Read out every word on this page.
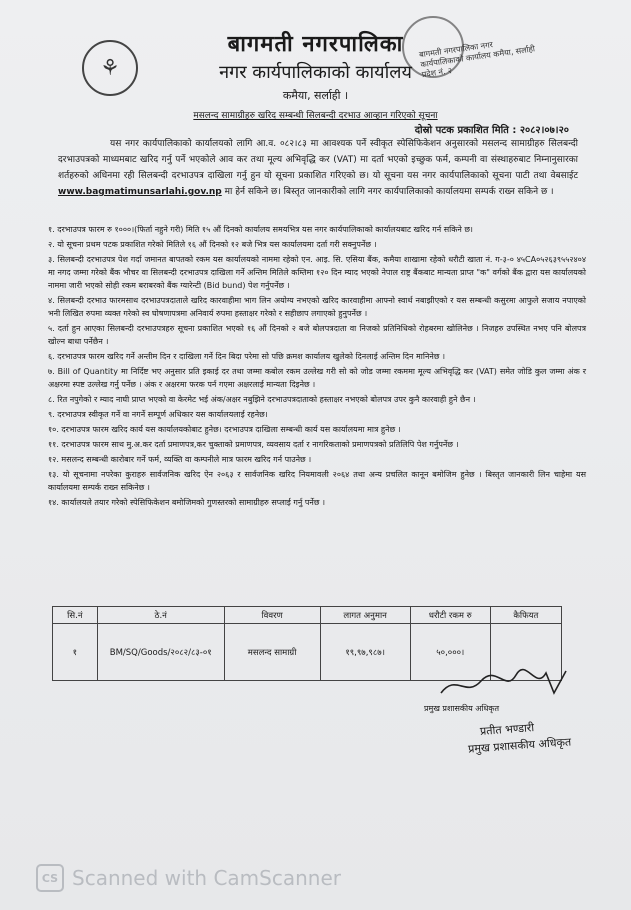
⚘
बागमती नगरपालिका नगर कार्यपालिकाको कार्यालय कमैया, सर्लाही प्रदेश नं. २
बागमती नगरपालिका
नगर कार्यपालिकाको कार्यालय
कमैया, सर्लाही ।
मसलन्द सामाग्रीहरु खरिद सम्बन्धी सिलबन्दी दरभाउ आव्हान गरिएको सूचना
दोस्रो पटक प्रकाशित मिति : २०८२।०७।२०
यस नगर कार्यपालिकाको कार्यालयको लागि आ.व. ०८२।८३ मा आवश्यक पर्ने स्वीकृत स्पेसिफिकेशन अनुसारको मसलन्द सामाग्रीहरु सिलबन्दी दरभाउपत्रको माध्यमबाट खरिद गर्नु पर्ने भएकोले आव कर तथा मूल्य अभिवृद्धि कर (VAT) मा दर्ता भएको इच्छुक फर्म, कम्पनी वा संस्थाहरुबाट निम्नानुसारका शर्तहरुको अधिनमा रही सिलबन्दी दरभाउपत्र दाखिला गर्नु हुन यो सूचना प्रकाशित गरिएको छ। यो सूचना यस नगर कार्यपालिकाको सूचना पाटी तथा वेबसाईट www.bagmatimunsarlahi.gov.np मा हेर्न सकिने छ। बिस्तृत जानकारीको लागि नगर कार्यपालिकाको कार्यालयमा सम्पर्क राख्न सकिने छ ।
१. दरभाउपत्र फारम रु १०००।(फिर्ता नहुने गरी) मिति १५ औं दिनको कार्यालय समयभित्र यस नगर कार्यपालिकाको कार्यालयबाट खरिद गर्न सकिने छ।
२. यो सूचना प्रथम पटक प्रकाशित गरेको मितिले १६ औं दिनको १२ बजे भित्र यस कार्यालयमा दर्ता गरी सक्नुपर्नेछ ।
३. सिलबन्दी दरभाउपत्र पेश गर्दा जमानत बापतको रकम यस कार्यालयको नाममा रहेको एन. आइ. सि. एसिया बैंक, कमैया शाखामा रहेको धरौटी खाता नं. ग-३-० ४५CA०५२६३९५५२४०४ मा नगद जम्मा गरेको बैंक भौचर वा सिलबन्दी दरभाउपत्र दाखिला गर्ने अन्तिम मितिले कम्तिमा १२० दिन म्याद भएको नेपाल राष्ट्र बैंकबाट मान्यता प्राप्त "क" वर्गको बैंक द्वारा यस कार्यालयको नाममा जारी भएको सोही रकम बराबरको बैंक ग्यारेन्टी (Bid bund) पेश गर्नुपर्नेछ ।
४. सिलबन्दी दरभाउ फारमसाथ दरभाउपत्रदाताले खरिद कारवाहीमा भाग लिन अयोग्य नभएको खरिद कारवाहीमा आफ्नो स्वार्थ नबाझीएको र यस सम्बन्धी कसुरमा आफुले सजाय नपाएको भनी लिखित रुपमा व्यक्त गरेको स्व घोषणापत्रमा अनिवार्य रुपमा हस्ताक्षर गरेको र सहीछाप लगाएको हुनुपर्नेछ ।
५. दर्ता हुन आएका सिलबन्दी दरभाउपत्रहरु सूचना प्रकाशित भएको १६ औं दिनको २ बजे बोलपत्रदाता वा निजको प्रतिनिधिको रोहबरमा खोलिनेछ । निजहरु उपस्थित नभए पनि बोलपत्र खोल्न बाधा पर्नेछैन ।
६. दरभाउपत्र फारम खरिद गर्ने अन्तीम दिन र दाखिला गर्ने दिन बिदा परेमा सो पछि क्रमश कार्यालय खुलेको दिनलाई अन्तिम दिन मानिनेछ ।
७. Bill of Quantity मा निर्दिष्ट भए अनुसार प्रति इकाई दर तथा जम्मा कबोल रकम उल्लेख गरी सो को जोड जम्मा रकममा मूल्य अभिवृद्धि कर (VAT) समेत जोडि कुल जम्मा अंक र अक्षरमा स्पष्ट उल्लेख गर्नु पर्नेछ । अंक र अक्षरमा फरक पर्न गएमा अक्षरलाई मान्यता दिइनेछ ।
८. रित नपुगेको र म्याद नाघी प्राप्त भएको वा केरमेट भई अंक/अक्षर नबुझिने दरभाउपत्रदाताको हस्ताक्षर नभएको बोलपत्र उपर कुनै कारवाही हुने छैन ।
९. दरभाउपत्र स्वीकृत गर्ने वा नगर्ने सम्पूर्ण अधिकार यस कार्यालयलाई रहनेछ।
१०. दरभाउपत्र फारम खरिद कार्य यस कार्यालयकोबाट हुनेछ। दरभाउपत्र दाखिला सम्बन्धी कार्य यस कार्यालयमा मात्र हुनेछ ।
११. दरभाउपत्र फारम साथ मु.अ.कर दर्ता प्रमाणपत्र,कर चुक्ताको प्रमाणपत्र, व्यवसाय दर्ता र नागरिकताको प्रमाणपत्रको प्रतिलिपि पेश गर्नुपर्नेछ ।
१२. मसलन्द सम्बन्धी कारोबार गर्ने फर्म, व्यक्ति वा कम्पनीले मात्र फारम खरिद गर्न पाउनेछ ।
१३. यो सूचनामा नपरेका कुराहरु सार्वजनिक खरिद ऐन २०६३ र सार्वजनिक खरिद नियमावली २०६४ तथा अन्य प्रचलित कानून बमोजिम हुनेछ । बिस्तृत जानकारी लिन चाहेमा यस कार्यालयमा सम्पर्क राख्न सकिनेछ ।
१४. कार्यालयले तयार गरेको स्पेसिफिकेशन बमोजिमको गुणस्तरको सामाग्रीहरु सप्लाई गर्नु पर्नेछ ।
सि.नं	ठे.नं	विवरण	लागत अनुमान	धरौटी रकम रु	कैफियत
१	BM/SQ/Goods/२०८२/८३-०१	मसलन्द सामाग्री	१९,९७,९८७।	५०,०००।	
प्रमुख प्रशासकीय अधिकृत
प्रतीत भण्डारी
प्रमुख प्रशासकीय अधिकृत
CS Scanned with CamScanner
